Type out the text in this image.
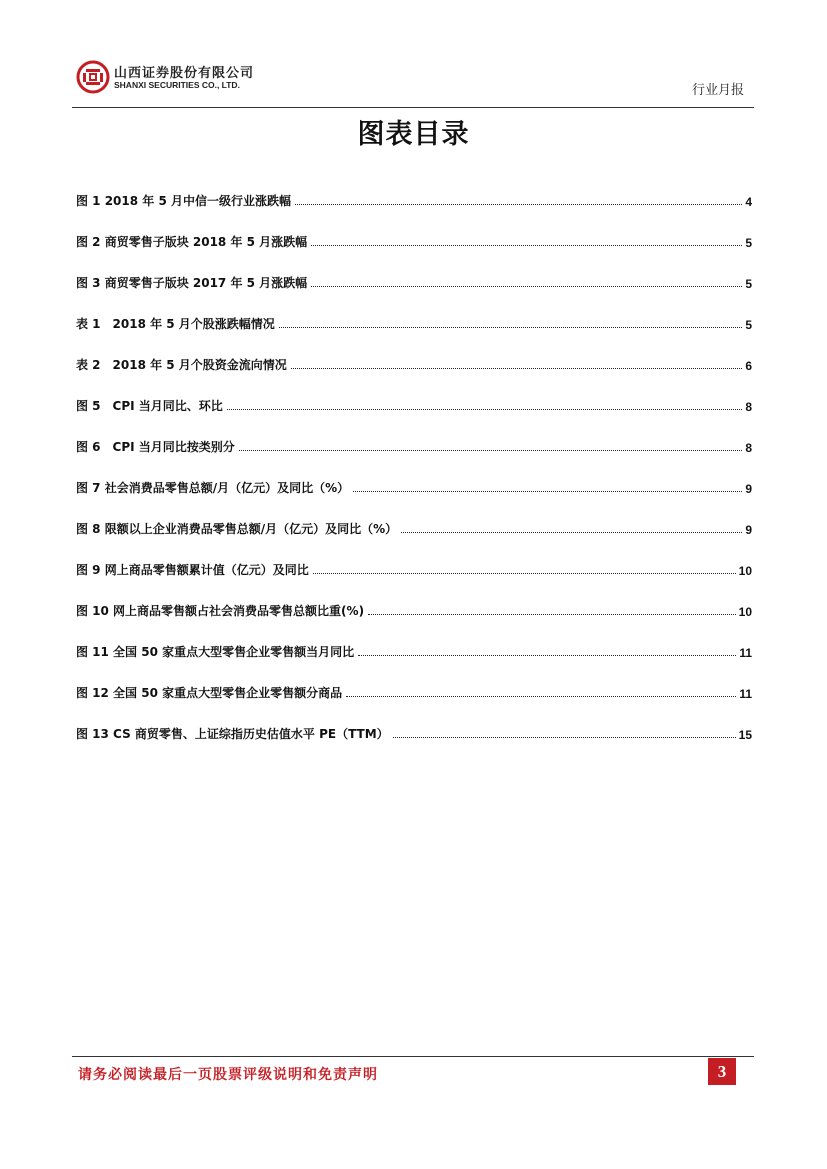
山西证券股份有限公司
SHANXI SECURITIES CO., LTD.	行业月报
图表目录
图 1 2018 年 5 月中信一级行业涨跌幅	4
图 2 商贸零售子版块 2018 年 5 月涨跌幅	5
图 3 商贸零售子版块 2017 年 5 月涨跌幅	5
表 1　2018 年 5 月个股涨跌幅情况	5
表 2　2018 年 5 月个股资金流向情况	6
图 5　CPI 当月同比、环比	8
图 6　CPI 当月同比按类别分	8
图 7 社会消费品零售总额/月（亿元）及同比（%）	9
图 8 限额以上企业消费品零售总额/月（亿元）及同比（%）	9
图 9 网上商品零售额累计值（亿元）及同比	10
图 10 网上商品零售额占社会消费品零售总额比重(%)	10
图 11 全国 50 家重点大型零售企业零售额当月同比	11
图 12 全国 50 家重点大型零售企业零售额分商品	11
图 13 CS 商贸零售、上证综指历史估值水平 PE（TTM）	15
请务必阅读最后一页股票评级说明和免责声明	3
